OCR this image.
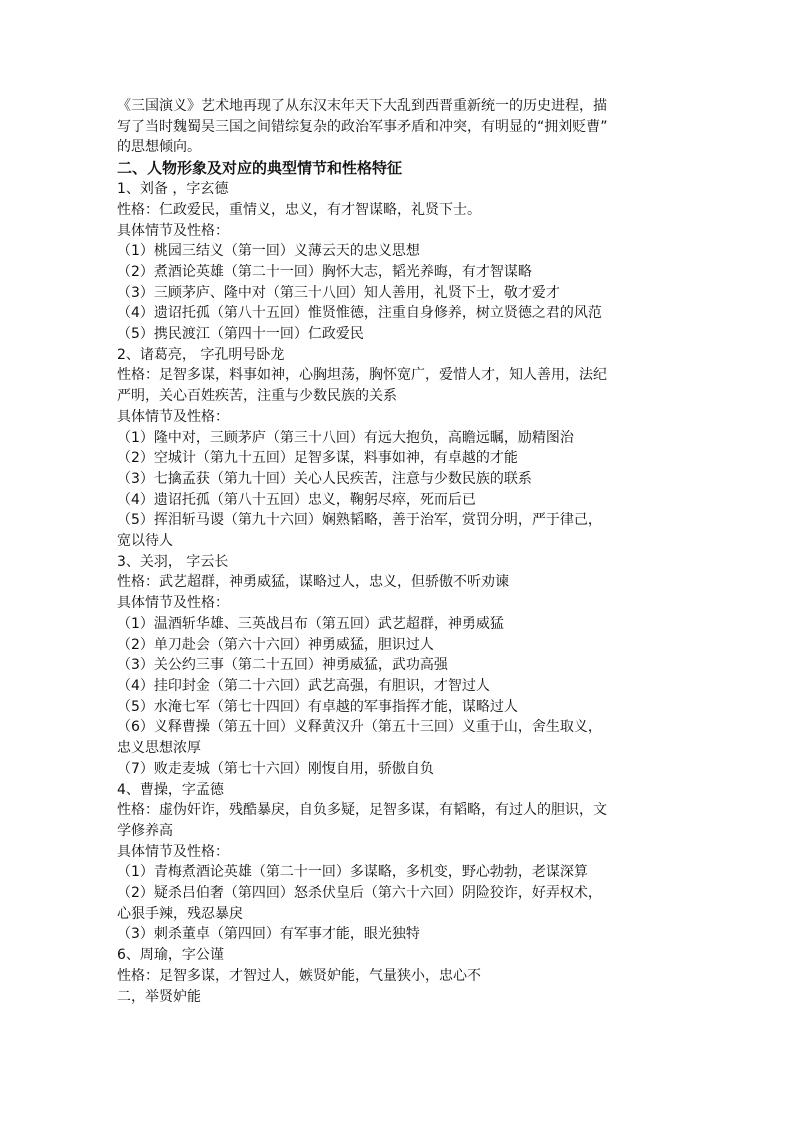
《三国演义》艺术地再现了从东汉末年天下大乱到西晋重新统一的历史进程，描

写了当时魏蜀吴三国之间错综复杂的政治军事矛盾和冲突，有明显的“拥刘贬曹”

的思想倾向。

二、人物形象及对应的典型情节和性格特征

1、刘备 ，字玄德

性格：仁政爱民，重情义，忠义，有才智谋略，礼贤下士。

具体情节及性格：

（1）桃园三结义（第一回）义薄云天的忠义思想

（2）煮酒论英雄（第二十一回）胸怀大志，韬光养晦，有才智谋略

（3）三顾茅庐、隆中对（第三十八回）知人善用，礼贤下士，敬才爱才

（4）遗诏托孤（第八十五回）惟贤惟德，注重自身修养，树立贤德之君的风范

（5）携民渡江（第四十一回）仁政爱民

2、诸葛亮， 字孔明号卧龙

性格：足智多谋，料事如神，心胸坦荡，胸怀宽广，爱惜人才，知人善用，法纪

严明，关心百姓疾苦，注重与少数民族的关系

具体情节及性格：

（1）隆中对，三顾茅庐（第三十八回）有远大抱负，高瞻远瞩，励精图治

（2）空城计（第九十五回）足智多谋，料事如神，有卓越的才能

（3）七擒孟获（第九十回）关心人民疾苦，注意与少数民族的联系

（4）遗诏托孤（第八十五回）忠义，鞠躬尽瘁，死而后已

（5）挥泪斩马谡（第九十六回）娴熟韬略，善于治军，赏罚分明，严于律己，

宽以待人

3、关羽， 字云长

性格：武艺超群，神勇威猛，谋略过人，忠义，但骄傲不听劝谏

具体情节及性格：

（1）温酒斩华雄、三英战吕布（第五回）武艺超群，神勇威猛

（2）单刀赴会（第六十六回）神勇威猛，胆识过人

（3）关公约三事（第二十五回）神勇威猛，武功高强

（4）挂印封金（第二十六回）武艺高强，有胆识，才智过人

（5）水淹七军（第七十四回）有卓越的军事指挥才能，谋略过人

（6）义释曹操（第五十回）义释黄汉升（第五十三回）义重于山，舍生取义，

忠义思想浓厚

（7）败走麦城（第七十六回）刚愎自用，骄傲自负

4、曹操，字孟德

性格：虚伪奸诈，残酷暴戾，自负多疑，足智多谋，有韬略，有过人的胆识，文

学修养高

具体情节及性格：

（1）青梅煮酒论英雄（第二十一回）多谋略，多机变，野心勃勃，老谋深算

（2）疑杀吕伯奢（第四回）怒杀伏皇后（第六十六回）阴险狡诈，好弄权术，

心狠手辣，残忍暴戾

（3）刺杀董卓（第四回）有军事才能，眼光独特

6、周瑜，字公谨

性格：足智多谋，才智过人，嫉贤妒能，气量狭小，忠心不

二，举贤妒能
